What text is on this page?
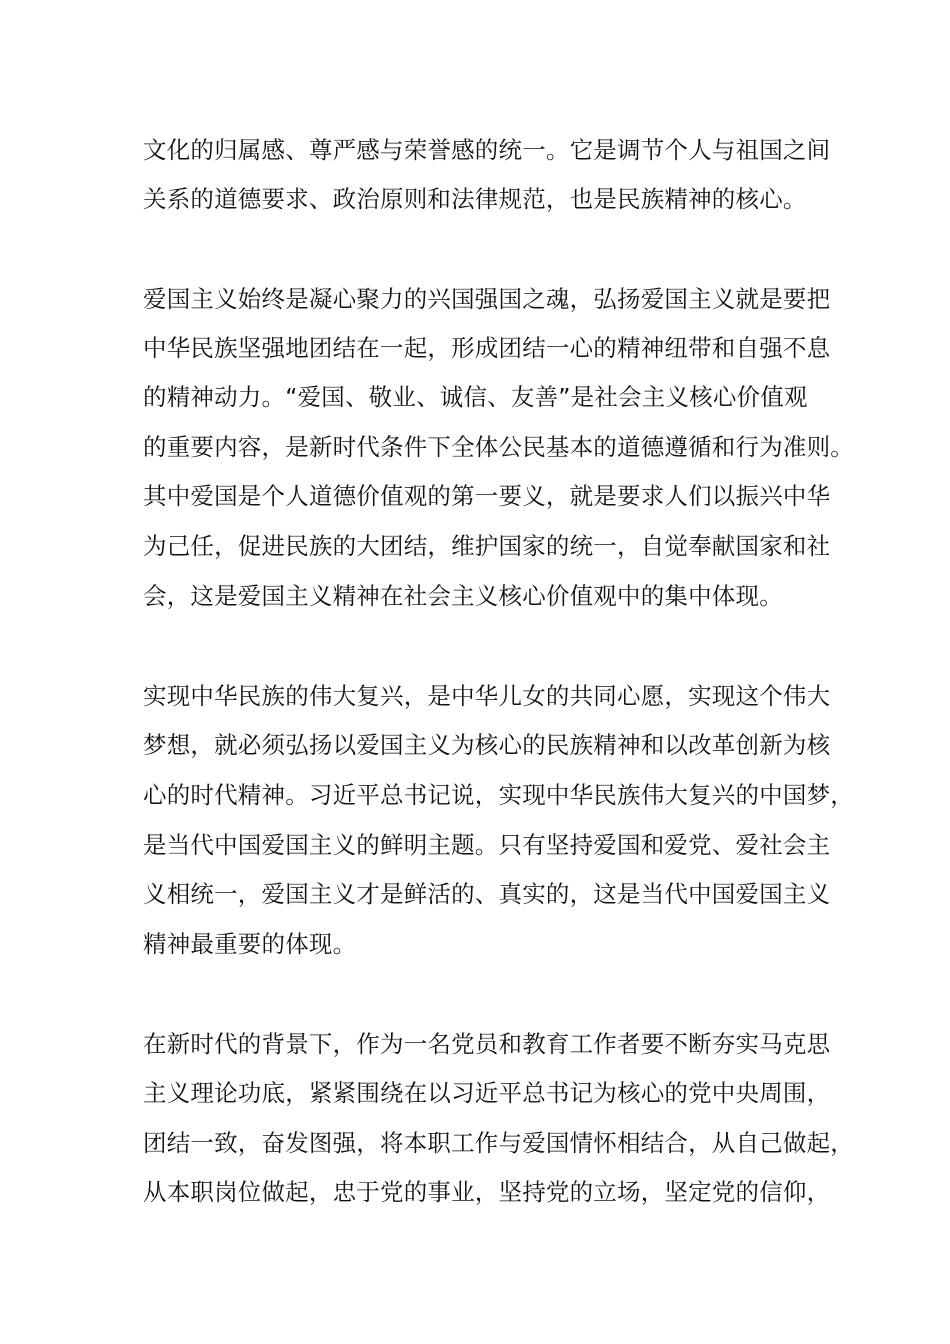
文化的归属感、尊严感与荣誉感的统一。它是调节个人与祖国之间
关系的道德要求、政治原则和法律规范，也是民族精神的核心。
爱国主义始终是凝心聚力的兴国强国之魂，弘扬爱国主义就是要把
中华民族坚强地团结在一起，形成团结一心的精神纽带和自强不息
的精神动力。“爱国、敬业、诚信、友善”是社会主义核心价值观
的重要内容，是新时代条件下全体公民基本的道德遵循和行为准则。
其中爱国是个人道德价值观的第一要义，就是要求人们以振兴中华
为己任，促进民族的大团结，维护国家的统一，自觉奉献国家和社
会，这是爱国主义精神在社会主义核心价值观中的集中体现。
实现中华民族的伟大复兴，是中华儿女的共同心愿，实现这个伟大
梦想，就必须弘扬以爱国主义为核心的民族精神和以改革创新为核
心的时代精神。习近平总书记说，实现中华民族伟大复兴的中国梦，
是当代中国爱国主义的鲜明主题。只有坚持爱国和爱党、爱社会主
义相统一，爱国主义才是鲜活的、真实的，这是当代中国爱国主义
精神最重要的体现。
在新时代的背景下，作为一名党员和教育工作者要不断夯实马克思
主义理论功底，紧紧围绕在以习近平总书记为核心的党中央周围，
团结一致，奋发图强，将本职工作与爱国情怀相结合，从自己做起，
从本职岗位做起，忠于党的事业，坚持党的立场，坚定党的信仰，
